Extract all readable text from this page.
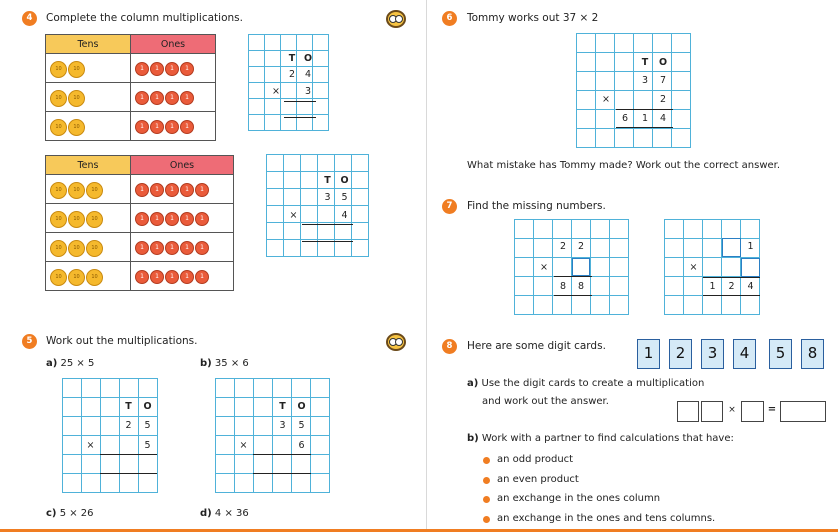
4	Complete the column multiplications.
Tens	Ones
10 10	1 1 1 1
10 10	1 1 1 1
10 10	1 1 1 1
Tens	Ones
10 10 10	1 1 1 1 1
10 10 10	1 1 1 1 1
10 10 10	1 1 1 1 1
10 10 10	1 1 1 1 1
T O
2	4
×	3
T	O
3	5
×	4
5	Work out the multiplications.
a) 25 × 5	b) 35 × 6
c) 5 × 26	d) 4 × 36
T	O
2	5
×	5
T	O
3	5
×	6
6	Tommy works out 37 × 2
T	O
3	7
×	2
6	1	4
What mistake has Tommy made? Work out the correct answer.
7	Find the missing numbers.
2	2
×
8	8
1
×
1	2	4
8	Here are some digit cards.	1	2	3	4	5	8
a) Use the digit cards to create a multiplication
and work out the answer.
×	=
b) Work with a partner to find calculations that have:
an odd product
an even product
an exchange in the ones column
an exchange in the ones and tens columns.
